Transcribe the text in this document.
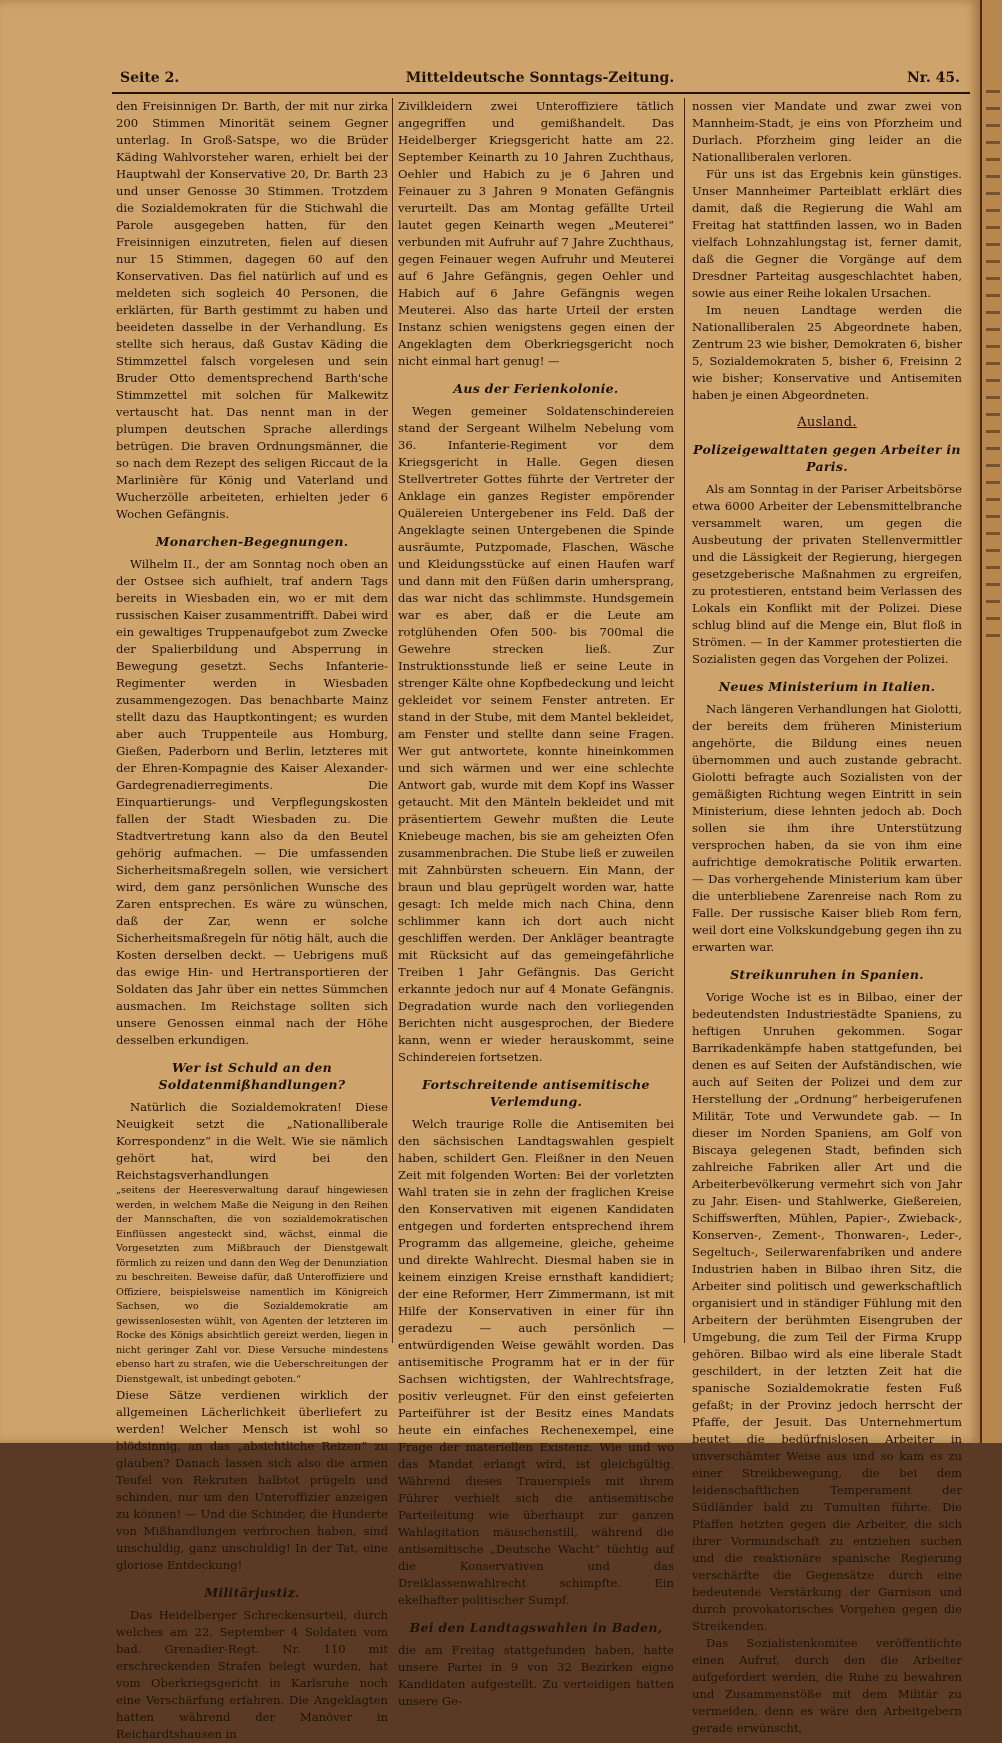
Seite 2.	Mitteldeutsche Sonntags-Zeitung.	Nr. 45.

den Freisinnigen Dr. Barth, der mit nur zirka 200 Stimmen Minorität seinem Gegner unterlag. In Groß-Satspe, wo die Brüder Käding Wahlvorsteher waren, erhielt bei der Hauptwahl der Konservative 20, Dr. Barth 23 und unser Genosse 30 Stimmen. Trotzdem die Sozialdemokraten für die Stichwahl die Parole ausgegeben hatten, für den Freisinnigen einzutreten, fielen auf diesen nur 15 Stimmen, dagegen 60 auf den Konservativen. Das fiel natürlich auf und es meldeten sich sogleich 40 Personen, die erklärten, für Barth gestimmt zu haben und beeideten dasselbe in der Verhandlung. Es stellte sich heraus, daß Gustav Käding die Stimmzettel falsch vorgelesen und sein Bruder Otto dementsprechend Barth'sche Stimmzettel mit solchen für Malkewitz vertauscht hat. Das nennt man in der plumpen deutschen Sprache allerdings betrügen. Die braven Ordnungsmänner, die so nach dem Rezept des seligen Riccaut de la Marlinière für König und Vaterland und Wucherzölle arbeiteten, erhielten jeder 6 Wochen Gefängnis.

Monarchen-Begegnungen.

Wilhelm II., der am Sonntag noch oben an der Ostsee sich aufhielt, traf andern Tags bereits in Wiesbaden ein, wo er mit dem russischen Kaiser zusammentrifft. Dabei wird ein gewaltiges Truppenaufgebot zum Zwecke der Spalierbildung und Absperrung in Bewegung gesetzt. Sechs Infanterie-Regimenter werden in Wiesbaden zusammengezogen. Das benachbarte Mainz stellt dazu das Hauptkontingent; es wurden aber auch Truppenteile aus Homburg, Gießen, Paderborn und Berlin, letzteres mit der Ehren-Kompagnie des Kaiser Alexander-Gardegrenadierregiments. Die Einquartierungs- und Verpflegungskosten fallen der Stadt Wiesbaden zu. Die Stadtvertretung kann also da den Beutel gehörig aufmachen. — Die umfassenden Sicherheitsmaßregeln sollen, wie versichert wird, dem ganz persönlichen Wunsche des Zaren entsprechen. Es wäre zu wünschen, daß der Zar, wenn er solche Sicherheitsmaßregeln für nötig hält, auch die Kosten derselben deckt. — Uebrigens muß das ewige Hin- und Hertransportieren der Soldaten das Jahr über ein nettes Sümmchen ausmachen. Im Reichstage sollten sich unsere Genossen einmal nach der Höhe desselben erkundigen.

Wer ist Schuld an den Soldatenmißhandlungen?

Natürlich die Sozialdemokraten! Diese Neuigkeit setzt die „Nationalliberale Korrespondenz“ in die Welt. Wie sie nämlich gehört hat, wird bei den Reichstagsverhandlungen

„seitens der Heeresverwaltung darauf hingewiesen werden, in welchem Maße die Neigung in den Reihen der Mannschaften, die von sozialdemokratischen Einflüssen angesteckt sind, wächst, einmal die Vorgesetzten zum Mißbrauch der Dienstgewalt förmlich zu reizen und dann den Weg der Denunziation zu beschreiten. Beweise dafür, daß Unteroffiziere und Offiziere, beispielsweise namentlich im Königreich Sachsen, wo die Sozialdemokratie am gewissenlosesten wühlt, von Agenten der letzteren im Rocke des Königs absichtlich gereizt werden, liegen in nicht geringer Zahl vor. Diese Versuche mindestens ebenso hart zu strafen, wie die Ueberschreitungen der Dienstgewalt, ist unbedingt geboten.“

Diese Sätze verdienen wirklich der allgemeinen Lächerlichkeit überliefert zu werden! Welcher Mensch ist wohl so blödsinnig, an das „absichtliche Reizen“ zu glauben? Danach lassen sich also die armen Teufel von Rekruten halbtot prügeln und schinden, nur um den Unteroffizier anzeigen zu können! — Und die Schinder, die Hunderte von Mißhandlungen verbrochen haben, sind unschuldig, ganz unschuldig! In der Tat, eine gloriose Entdeckung!

Militärjustiz.

Das Heidelberger Schreckensurteil, durch welches am 22. September 4 Soldaten vom bad. Grenadier-Regt. Nr. 110 mit erschreckenden Strafen belegt wurden, hat vom Oberkriegsgericht in Karlsruhe noch eine Verschärfung erfahren. Die Angeklagten hatten während der Manöver in Reichardtshausen in

Zivilkleidern zwei Unteroffiziere tätlich angegriffen und gemißhandelt. Das Heidelberger Kriegsgericht hatte am 22. September Keinarth zu 10 Jahren Zuchthaus, Oehler und Habich zu je 6 Jahren und Feinauer zu 3 Jahren 9 Monaten Gefängnis verurteilt. Das am Montag gefällte Urteil lautet gegen Keinarth wegen „Meuterei“ verbunden mit Aufruhr auf 7 Jahre Zuchthaus, gegen Feinauer wegen Aufruhr und Meuterei auf 6 Jahre Gefängnis, gegen Oehler und Habich auf 6 Jahre Gefängnis wegen Meuterei. Also das harte Urteil der ersten Instanz schien wenigstens gegen einen der Angeklagten dem Oberkriegsgericht noch nicht einmal hart genug! —

Aus der Ferienkolonie.

Wegen gemeiner Soldatenschindereien stand der Sergeant Wilhelm Nebelung vom 36. Infanterie-Regiment vor dem Kriegsgericht in Halle. Gegen diesen Stellvertreter Gottes führte der Vertreter der Anklage ein ganzes Register empörender Quälereien Untergebener ins Feld. Daß der Angeklagte seinen Untergebenen die Spinde ausräumte, Putzpomade, Flaschen, Wäsche und Kleidungsstücke auf einen Haufen warf und dann mit den Füßen darin umhersprang, das war nicht das schlimmste. Hundsgemein war es aber, daß er die Leute am rotglühenden Ofen 500- bis 700mal die Gewehre strecken ließ. Zur Instruktionsstunde ließ er seine Leute in strenger Kälte ohne Kopfbedeckung und leicht gekleidet vor seinem Fenster antreten. Er stand in der Stube, mit dem Mantel bekleidet, am Fenster und stellte dann seine Fragen. Wer gut antwortete, konnte hineinkommen und sich wärmen und wer eine schlechte Antwort gab, wurde mit dem Kopf ins Wasser getaucht. Mit den Mänteln bekleidet und mit präsentiertem Gewehr mußten die Leute Kniebeuge machen, bis sie am geheizten Ofen zusammenbrachen. Die Stube ließ er zuweilen mit Zahnbürsten scheuern. Ein Mann, der braun und blau geprügelt worden war, hatte gesagt: Ich melde mich nach China, denn schlimmer kann ich dort auch nicht geschliffen werden. Der Ankläger beantragte mit Rücksicht auf das gemeingefährliche Treiben 1 Jahr Gefängnis. Das Gericht erkannte jedoch nur auf 4 Monate Gefängnis. Degradation wurde nach den vorliegenden Berichten nicht ausgesprochen, der Biedere kann, wenn er wieder herauskommt, seine Schindereien fortsetzen.

Fortschreitende antisemitische Verlemdung.

Welch traurige Rolle die Antisemiten bei den sächsischen Landtagswahlen gespielt haben, schildert Gen. Fleißner in den Neuen Zeit mit folgenden Worten: Bei der vorletzten Wahl traten sie in zehn der fraglichen Kreise den Konservativen mit eigenen Kandidaten entgegen und forderten entsprechend ihrem Programm das allgemeine, gleiche, geheime und direkte Wahlrecht. Diesmal haben sie in keinem einzigen Kreise ernsthaft kandidiert; der eine Reformer, Herr Zimmermann, ist mit Hilfe der Konservativen in einer für ihn geradezu — auch persönlich — entwürdigenden Weise gewählt worden. Das antisemitische Programm hat er in der für Sachsen wichtigsten, der Wahlrechtsfrage, positiv verleugnet. Für den einst gefeierten Parteiführer ist der Besitz eines Mandats heute ein einfaches Rechenexempel, eine Frage der materiellen Existenz. Wie und wo das Mandat erlangt wird, ist gleichgültig. Während dieses Trauerspiels mit ihrem Führer verhielt sich die antisemitische Parteileitung wie überhaupt zur ganzen Wahlagitation mäuschenstill, während die antisemitische „Deutsche Wacht“ tüchtig auf die Konservativen und das Dreiklassenwahlrecht schimpfte. Ein ekelhafter politischer Sumpf.

Bei den Landtagswahlen in Baden,

die am Freitag stattgefunden haben, hatte unsere Partei in 9 von 32 Bezirken eigne Kandidaten aufgestellt. Zu verteidigen hatten unsere Ge-

nossen vier Mandate und zwar zwei von Mannheim-Stadt, je eins von Pforzheim und Durlach. Pforzheim ging leider an die Nationalliberalen verloren.

Für uns ist das Ergebnis kein günstiges. Unser Mannheimer Parteiblatt erklärt dies damit, daß die Regierung die Wahl am Freitag hat stattfinden lassen, wo in Baden vielfach Lohnzahlungstag ist, ferner damit, daß die Gegner die Vorgänge auf dem Dresdner Parteitag ausgeschlachtet haben, sowie aus einer Reihe lokalen Ursachen.

Im neuen Landtage werden die Nationalliberalen 25 Abgeordnete haben, Zentrum 23 wie bisher, Demokraten 6, bisher 5, Sozialdemokraten 5, bisher 6, Freisinn 2 wie bisher; Konservative und Antisemiten haben je einen Abgeordneten.

Ausland.
Polizeigewalttaten gegen Arbeiter in Paris.

Als am Sonntag in der Pariser Arbeitsbörse etwa 6000 Arbeiter der Lebensmittelbranche versammelt waren, um gegen die Ausbeutung der privaten Stellenvermittler und die Lässigkeit der Regierung, hiergegen gesetzgeberische Maßnahmen zu ergreifen, zu protestieren, entstand beim Verlassen des Lokals ein Konflikt mit der Polizei. Diese schlug blind auf die Menge ein, Blut floß in Strömen. — In der Kammer protestierten die Sozialisten gegen das Vorgehen der Polizei.

Neues Ministerium in Italien.

Nach längeren Verhandlungen hat Giolotti, der bereits dem früheren Ministerium angehörte, die Bildung eines neuen übernommen und auch zustande gebracht. Giolotti befragte auch Sozialisten von der gemäßigten Richtung wegen Eintritt in sein Ministerium, diese lehnten jedoch ab. Doch sollen sie ihm ihre Unterstützung versprochen haben, da sie von ihm eine aufrichtige demokratische Politik erwarten. — Das vorhergehende Ministerium kam über die unterbliebene Zarenreise nach Rom zu Falle. Der russische Kaiser blieb Rom fern, weil dort eine Volkskundgebung gegen ihn zu erwarten war.

Streikunruhen in Spanien.

Vorige Woche ist es in Bilbao, einer der bedeutendsten Industriestädte Spaniens, zu heftigen Unruhen gekommen. Sogar Barrikadenkämpfe haben stattgefunden, bei denen es auf Seiten der Aufständischen, wie auch auf Seiten der Polizei und dem zur Herstellung der „Ordnung“ herbeigerufenen Militär, Tote und Verwundete gab. — In dieser im Norden Spaniens, am Golf von Biscaya gelegenen Stadt, befinden sich zahlreiche Fabriken aller Art und die Arbeiterbevölkerung vermehrt sich von Jahr zu Jahr. Eisen- und Stahlwerke, Gießereien, Schiffswerften, Mühlen, Papier-, Zwieback-, Konserven-, Zement-, Thonwaren-, Leder-, Segeltuch-, Seilerwarenfabriken und andere Industrien haben in Bilbao ihren Sitz, die Arbeiter sind politisch und gewerkschaftlich organisiert und in ständiger Fühlung mit den Arbeitern der berühmten Eisengruben der Umgebung, die zum Teil der Firma Krupp gehören. Bilbao wird als eine liberale Stadt geschildert, in der letzten Zeit hat die spanische Sozialdemokratie festen Fuß gefaßt; in der Provinz jedoch herrscht der Pfaffe, der Jesuit. Das Unternehmertum beutet die bedürfnislosen Arbeiter in unverschämter Weise aus und so kam es zu einer Streikbewegung, die bei dem leidenschaftlichen Temperament der Südländer bald zu Tumulten führte. Die Pfaffen hetzten gegen die Arbeiter, die sich ihrer Vormundschaft zu entziehen suchen und die reaktionäre spanische Regierung verschärfte die Gegensätze durch eine bedeutende Verstärkung der Garnison und durch provokatorisches Vorgehen gegen die Streikenden.

Das Sozialistenkomitee veröffentlichte einen Aufruf, durch den die Arbeiter aufgefordert werden, die Ruhe zu bewahren und Zusammenstöße mit dem Militär zu vermeiden, denn es wäre den Arbeitgebern gerade erwünscht,
